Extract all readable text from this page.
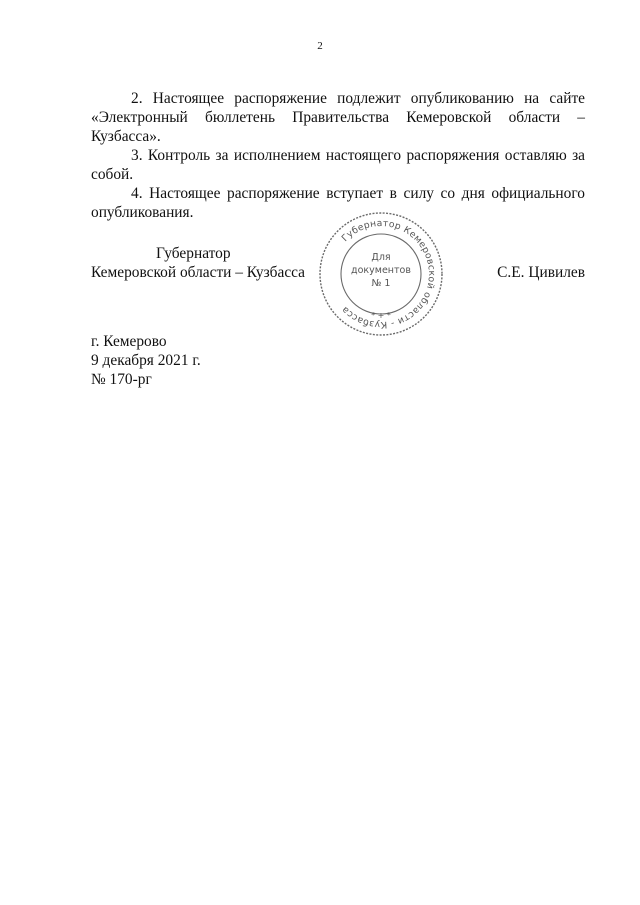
2

2. Настоящее распоряжение подлежит опубликованию на сайте «Электронный бюллетень Правительства Кемеровской области – Кузбасса».

3. Контроль за исполнением настоящего распоряжения оставляю за собой.

4. Настоящее распоряжение вступает в силу со дня официального опубликования.

Губернатор
Кемеровской области – Кузбасса	С.Е. Цивилев
Губернатор Кемеровской области - Кузбасса
Для
документов
№ 1
* + *
г. Кемерово
9 декабря 2021 г.
№ 170-рг
